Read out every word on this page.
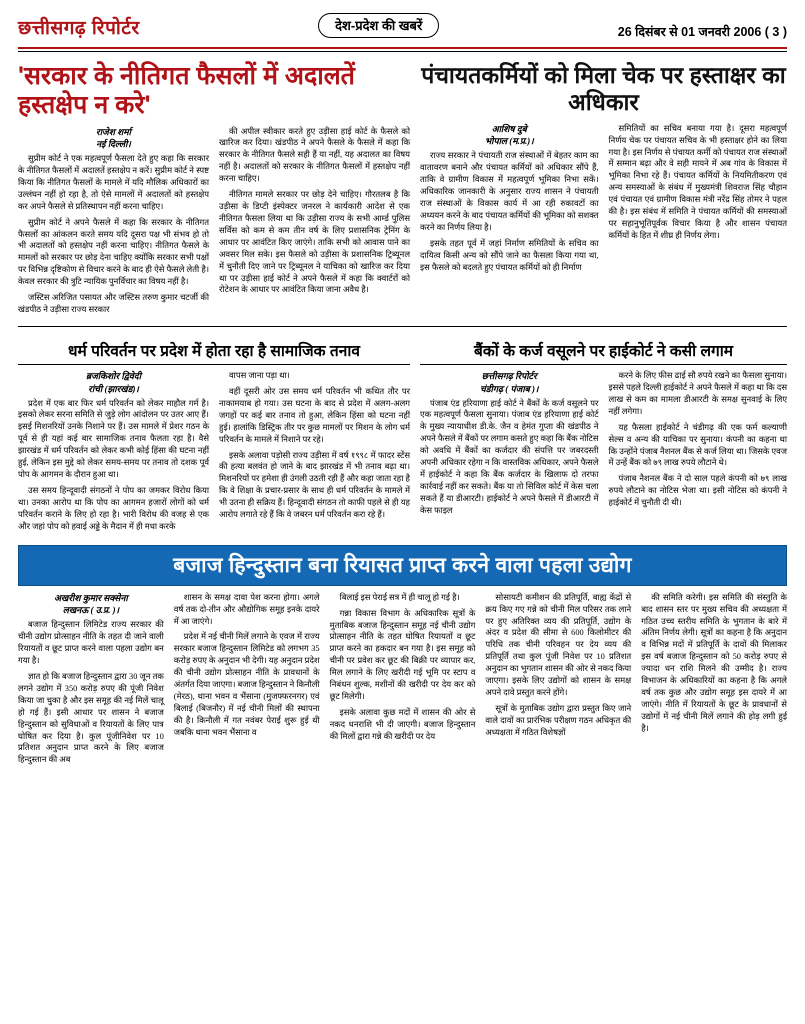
छत्तीसगढ़ रिपोर्टर	देश-प्रदेश की खबरें	26 दिसंबर से 01 जनवरी 2006 ( 3 )
'सरकार के नीतिगत फैसलों में अदालतें हस्तक्षेप न करे'
राजेश शर्मा
नई दिल्ली।

सुप्रीम कोर्ट ने एक महत्वपूर्ण फैसला देते हुए कहा कि सरकार के नीतिगत फैसलों में अदालतें हस्तक्षेप न करें। सुप्रीम कोर्ट ने स्पष्ट किया कि नीतिगत फैसलों के मामले में यदि मौलिक अधिकारों का उल्लंघन नहीं हो रहा है, तो ऐसे मामलों में अदालतों को हस्तक्षेप कर अपने फैसले से प्रतिस्थापन नहीं करना चाहिए।

सुप्रीम कोर्ट ने अपने फैसले में कहा कि सरकार के नीतिगत फैसलों का आंकलन करते समय यदि दूसरा पक्ष भी संभव हो तो भी अदालतों को हस्तक्षेप नहीं करना चाहिए। नीतिगत फैसले के मामलों को सरकार पर छोड़ देना चाहिए क्योंकि सरकार सभी पक्षों पर विभिन्न दृष्टिकोण से विचार करने के बाद ही ऐसे फैसले लेती है। केवल सरकार की त्रुटि न्यायिक पुनर्विचार का विषय नहीं है।

जस्टिस अरिजित पसायत और जस्टिस तरुण कुमार चटर्जी की खंडपीठ ने उड़ीसा राज्य सरकार

की अपील स्वीकार करते हुए उड़ीसा हाई कोर्ट के फैसले को खारिज कर दिया। खंडपीठ ने अपने फैसले के फैसले में कहा कि सरकार के नीतिगत फैसले सही हैं या नहीं, यह अदालत का विषय नहीं है। अदालतों को सरकार के नीतिगत फैसलों में हस्तक्षेप नहीं करना चाहिए।

नीतिगत मामले सरकार पर छोड़ देने चाहिए। गौरतलब है कि उड़ीसा के डिप्टी इंस्पेक्टर जनरल ने कार्यकारी आदेश से एक नीतिगत फैसला लिया था कि उड़ीसा राज्य के सभी आर्म्ड पुलिस सर्विस को कम से कम तीन वर्ष के लिए प्रशासनिक ट्रेनिंग के आधार पर आवंटित किए जाएंगे। ताकि सभी को आवास पाने का अवसर मिल सके। इस फैसले को उड़ीसा के प्रशासनिक ट्रिब्यूनल में चुनौती दिए जाने पर ट्रिब्यूनल ने याचिका को खारिज कर दिया था पर उड़ीसा हाई कोर्ट ने अपने फैसले में कहा कि क्वार्टरों को रोटेशन के आधार पर आवंटित किया जाना अवैध है।

पंचायतकर्मियों को मिला चेक पर हस्ताक्षर का अधिकार
आशिष दुबे
भोपाल (म.प्र.)।

राज्य सरकार ने पंचायती राज संस्थाओं में बेहतर काम का वातावरण बनाने और पंचायत कर्मियों को अधिकार सौंपे हैं, ताकि वे ग्रामीण विकास में महत्वपूर्ण भूमिका निभा सकें। अधिकारिक जानकारी के अनुसार राज्य शासन ने पंचायती राज संस्थाओं के विकास कार्य में आ रही रुकावटों का अध्ययन करने के बाद पंचायत कर्मियों की भूमिका को सशक्त करने का निर्णय लिया है।

इसके तहत पूर्व में जहां निर्माण समितियों के सचिव का दायित्व किसी अन्य को सौंपे जाने का फैसला किया गया था, इस फैसले को बदलते हुए पंचायत कर्मियों को ही निर्माण

समितियों का सचिव बनाया गया है। दूसरा महत्वपूर्ण निर्णय चेक पर पंचायत सचिव के भी हस्ताक्षर होने का लिया गया है। इस निर्णय से पंचायत कर्मी को पंचायत राज संस्थाओं में सम्मान बढ़ा और वे सही मायने में अब गांव के विकास में भूमिका निभा रहे हैं। पंचायत कर्मियों के नियमितीकरण एवं अन्य समस्याओं के संबंध में मुख्यमंत्री शिवराज सिंह चौहान एवं पंचायत एवं ग्रामीण विकास मंत्री नरेंद्र सिंह तोमर ने पहल की है। इस संबंध में समिति ने पंचायत कर्मियों की समस्याओं पर सहानुभूतिपूर्वक विचार किया है और शासन पंचायत कर्मियों के हित में शीघ्र ही निर्णय लेगा।

धर्म परिवर्तन पर प्रदेश में होता रहा है सामाजिक तनाव
ब्रजकिशोर द्विवेदी
रांची (झारखंड)।

प्रदेश में एक बार फिर धर्म परिवर्तन को लेकर माहौल गर्म है। इसको लेकर सरना समिति से जुड़े लोग आंदोलन पर उतर आए हैं। इसई मिशनरियों उनके निशाने पर हैं। उस मामले में प्रेशर गठन के पूर्व से ही यहां कई बार सामाजिक तनाव फैलता रहा है। वैसे झारखंड में धर्म परिवर्तन को लेकर कभी कोई हिंसा की घटना नहीं हुई, लेकिन इस मुद्दे को लेकर समय-समय पर तनाव तो दशक पूर्व पोप के आगमन के दौरान हुआ था।

उस समय हिन्दूवादी संगठनों ने पोप का जमकर विरोध किया था। उनका आरोप था कि पोप का आगमन हजारों लोगों को धर्म परिवर्तन कराने के लिए हो रहा है। भारी विरोध की वजह से एक और जहां पोप को हवाई अड्डे के मैदान में ही मधा करके

वापस जाना पड़ा था।

वहीं दूसरी ओर उस समय धर्म परिवर्तन भी कथित तौर पर नाकामयाब हो गया। उस घटना के बाद से प्रदेश में अलग-अलग जगहों पर कई बार तनाव तो हुआ, लेकिन हिंसा को घटना नहीं हुई। हालांकि डिस्ट्रिक तीर पर कुछ मामलों पर मिशन के लोग धर्म परिवर्तन के मामले में निशाने पर रहे।

इसके अलावा पड़ोसी राज्य उड़ीसा में वर्ष १९९८ में फादर स्टेंस की हत्या बलवंत हो जाने के बाद झारखंड में भी तनाव बढ़ा था। मिशनरियों पर हमेशा ही उंगली उठती रही हैं और कहा जाता रहा है कि वे शिक्षा के प्रचार-प्रसार के साथ ही धर्म परिवर्तन के मामले में भी उतना ही सक्रिय हैं। हिन्दूवादी संगठन तो काफी पहले से ही यह आरोप लगाते रहे हैं कि वे जबरन धर्म परिवर्तन करा रहे हैं।

बैंकों के कर्ज वसूलने पर हाईकोर्ट ने कसी लगाम
छत्तीसगढ़ रिपोर्टर
चंडीगढ़ ( पंजाब )।

पंजाब एंड हरियाणा हाई कोर्ट ने बैंकों के कर्ज वसूलने पर एक महत्वपूर्ण फैसला सुनाया। पंजाब एंड हरियाणा हाई कोर्ट के मुख्य न्यायाधीश डी.के. जैन व हेमंत गुप्ता की खंडपीठ ने अपने फैसले में बैंकों पर लगाम कसते हुए कहा कि बैंक नोटिस को अवधि में बैंकों का कर्जदार की संपत्ति पर जबरदस्ती अपनी अधिकार रहेगा न कि वास्तविक अधिकार, अपने फैसले में हाईकोर्ट ने कहा कि बैंक कर्जदार के खिलाफ दो तरफा कार्रवाई नहीं कर सकते। बैंक या तो सिविल कोर्ट में केस चला सकते हैं या डीआरटी। हाईकोर्ट ने अपने फैसले में डीआरटी में केस फाइल

करने के लिए फीस ढाई सौ रुपये रखने का फैसला सुनाया। इससे पहले दिल्ली हाईकोर्ट ने अपने फैसले में कहा था कि दस लाख से कम का मामला डीआरटी के समक्ष सुनवाई के लिए नहीं लगेगा।

यह फैसला हाईकोर्ट ने चंडीगढ़ की एक फर्म कल्याणी सेल्स व अन्य की याचिका पर सुनाया। कंपनी का कहना था कि उन्होंने पंजाब नैशनल बैंक से कर्ज लिया था। जिसके एवज में उन्हें बैंक को ७९ लाख रुपये लौटाने थे।

पंजाब नैशनल बैंक ने दो साल पहले कंपनी को ७९ लाख रुपये लौटाने का नोटिस भेजा था। इसी नोटिस को कंपनी ने हाईकोर्ट में चुनौती दी थी।

बजाज हिन्दुस्तान बना रियासत प्राप्त करने वाला पहला उद्योग
अखरीश कुमार सक्सेना
लखनऊ ( उ.प्र. )।

बजाज हिन्दुस्तान लिमिटेड राज्य सरकार की चीनी उद्योग प्रोत्साहन नीति के तहत दी जाने वाली रियायतों व छूट प्राप्त करने वाला पहला उद्योग बन गया है।

ज्ञात हो कि बजाज हिन्दुस्तान द्वारा 30 जून तक लगने उद्योग में 350 करोड़ रुपए की पूंजी निवेश किया जा चुका है और इस समूह की नई मिलें चालू हो गई हैं। इसी आधार पर शासन ने बजाज हिन्दुस्तान को सुविधाओं व रियायतों के लिए पात्र घोषित कर दिया है। कुल पूंजीनिवेश पर 10 प्रतिशत अनुदान प्राप्त करने के लिए बजाज हिन्दुस्तान की अब

शासन के समक्ष दावा पेश करना होगा। अगले वर्ष तक दो-तीन और औद्योगिक समूह इनके दायरे में आ जाएंगे।

प्रदेश में नई चीनी मिलें लगाने के एवज में राज्य सरकार बजाज हिन्दुस्तान लिमिटेड को लगभग 35 करोड़ रुपए के अनुदान भी देगी। यह अनुदान प्रदेश की चीनी उद्योग प्रोत्साहन नीति के प्रावधानों के अंतर्गत दिया जाएगा। बजाज हिन्दुस्तान ने किनौली (मेरठ), थाना भवन व भैंसाना (मुजफ्फरनगर) एवं बिलाई (बिजनौर) में नई चीनी मिलों की स्थापना की है। किनौली में गत नवंबर पेराई शुरू हुई थी जबकि थाना भवन भैंसाना व

बिलाई इस पेराई सत्र में ही चालू हो गई है।

गन्ना विकास विभाग के अधिकारिक सूत्रों के मुताबिक बजाज हिन्दुस्तान समूह नई चीनी उद्योग प्रोत्साहन नीति के तहत घोषित रियायतों व छूट प्राप्त करने का हकदार बन गया है। इस समूह को चीनी पर प्रवेश कर छूट की बिक्री पर व्यापार कर, मिल लगाने के लिए खरीदी गई भूमि पर स्टाप व निबंधन शुल्क, मशीनों की खरीदी पर देय कर को छूट मिलेगी।

इसके अलावा कुछ मदों में शासन की ओर से नकद धनराशि भी दी जाएगी। बजाज हिन्दुस्तान की मिलों द्वारा गन्ने की खरीदी पर देय

सोसायटी कमीशन की प्रतिपूर्ति, बाह्य केंद्रों से क्रय किए गए गन्ने को चीनी मिल परिसर तक लाने पर हुए अतिरिक्त व्यय की प्रतिपूर्ति, उद्योग के अंदर व प्रदेश की सीमा से 600 किलोमीटर की परिधि तक चीनी परिवहन पर देय व्यय की प्रतिपूर्ति तथा कुल पूंजी निवेश पर 10 प्रतिशत अनुदान का भुगतान शासन की ओर से नकद किया जाएगा। इसके लिए उद्योगों को शासन के समक्ष अपने दावे प्रस्तुत करने होंगे।

सूत्रों के मुताबिक उद्योग द्वारा प्रस्तुत किए जाने वाले दावों का प्रारंभिक परीक्षण गठन अधिकृत की अध्यक्षता में गठित विशेषज्ञों

की समिति करेगी। इस समिति की संस्तुति के बाद शासन स्तर पर मुख्य सचिव की अध्यक्षता में गठित उच्च स्तरीय समिति के भुगतान के बारे में अंतिम निर्णय लेगी। सूत्रों का कहना है कि अनुदान व विभिन्न मदों में प्रतिपूर्ति के दावों की मिलाकर इस वर्ष बजाज हिन्दुस्तान को 50 करोड़ रुपए से ज्यादा धन राशि मिलने की उम्मीद है। राज्य विभाजन के अधिकारियों का कहना है कि अगले वर्ष तक कुछ और उद्योग समूह इस दायरे में आ जाएंगे। नीति में रियायतों के छूट के प्रावधानों से उद्योगों में नई चीनी मिलें लगाने की होड़ लगी हुई है।
